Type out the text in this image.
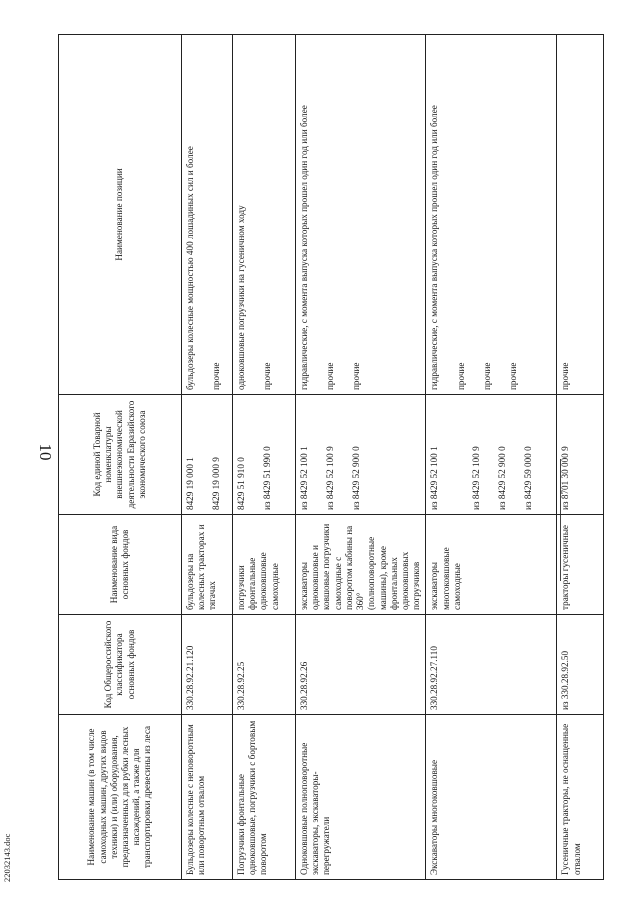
10
22032143.doc	Наименование машин (в том числе самоходных машин, других видов техники) и (или) оборудования, предназначенных для рубки лесных насаждений, а также для транспортировки древесины из леса	Код Общероссийского классификатора основных фондов	Наименование вида основных фондов	Код единой Товарной номенклатуры внешнеэкономической деятельности Евразийского экономического союза	Наименование позиции
Бульдозеры колесные с неповоротным или поворотным отвалом	330.28.92.21.120	бульдозеры на колесных тракторах и тягачах	8429 19 000 1 8429 19 000 9	бульдозеры колесные мощностью 400 лошадиных сил и более прочие

Погрузчики фронтальные одноковшовые, погрузчики с бортовым поворотом	330.28.92.25	погрузчики фронтальные одноковшовые самоходные	8429 51 910 0 из 8429 51 990 0	одноковшовые погрузчики на гусеничном ходу прочие

Одноковшовые полноповоротные экскаваторы, экскаваторы-перегружатели	330.28.92.26	экскаваторы одноковшовые и ковшовые погрузчики самоходные с поворотом кабины на 360° (полноповоротные машины), кроме фронтальных одноковшовых погрузчиков	из 8429 52 100 1 из 8429 52 100 9 из 8429 52 900 0	гидравлические, с момента выпуска которых прошел один год или более прочие прочие

Экскаваторы многоковшовые	330.28.92.27.110	экскаваторы многоковшовые самоходные	из 8429 52 100 1 из 8429 52 100 9 из 8429 52 900 0 из 8429 59 000 0	гидравлические, с момента выпуска которых прошел один год или более прочие прочие прочие

Гусеничные тракторы, не оснащенные отвалом	из 330.28.92.50	тракторы гусеничные	из 8701 30 000 9	прочие
